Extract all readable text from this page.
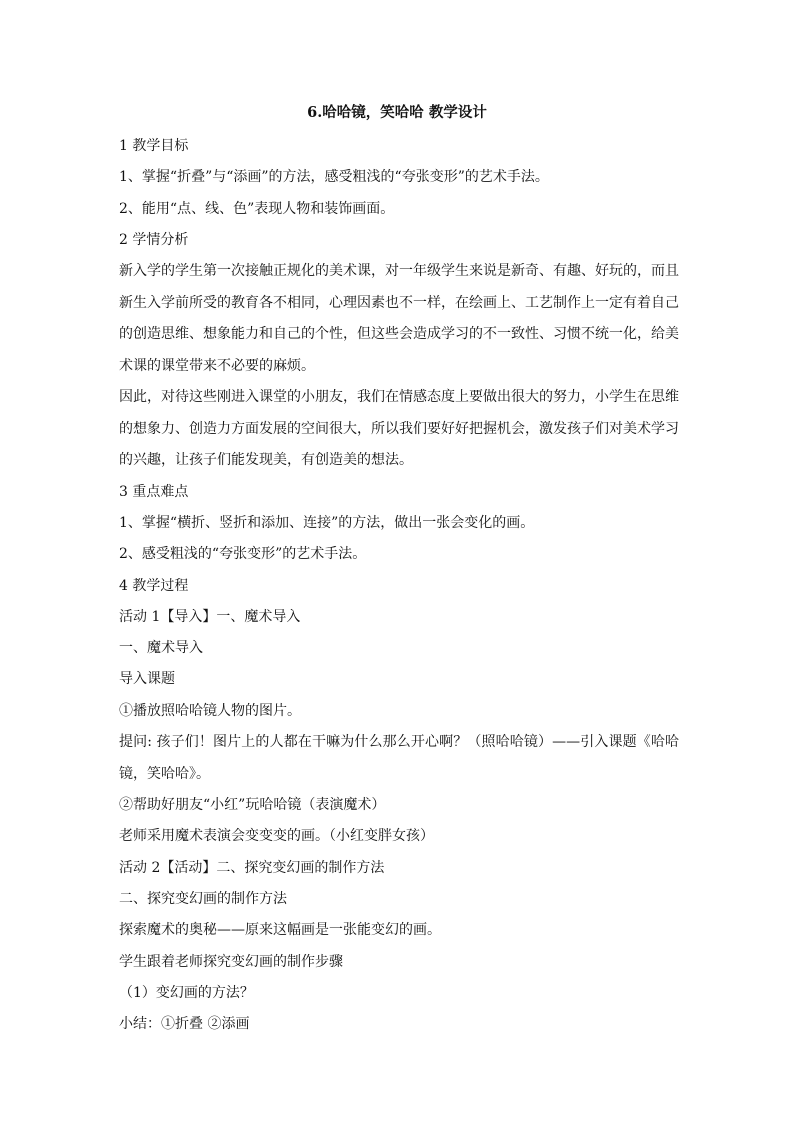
6.哈哈镜，笑哈哈 教学设计

1 教学目标

1、掌握“折叠”与“添画”的方法，感受粗浅的“夸张变形”的艺术手法。

2、能用“点、线、色”表现人物和装饰画面。

2 学情分析

新入学的学生第一次接触正规化的美术课，对一年级学生来说是新奇、有趣、好玩的，而且新生入学前所受的教育各不相同，心理因素也不一样，在绘画上、工艺制作上一定有着自己的创造思维、想象能力和自己的个性，但这些会造成学习的不一致性、习惯不统一化，给美术课的课堂带来不必要的麻烦。

因此，对待这些刚进入课堂的小朋友，我们在情感态度上要做出很大的努力，小学生在思维的想象力、创造力方面发展的空间很大，所以我们要好好把握机会，激发孩子们对美术学习的兴趣，让孩子们能发现美，有创造美的想法。

3 重点难点

1、掌握“横折、竖折和添加、连接”的方法，做出一张会变化的画。

2、感受粗浅的“夸张变形”的艺术手法。

4 教学过程

活动 1【导入】一、魔术导入

一、魔术导入

导入课题

①播放照哈哈镜人物的图片。

提问: 孩子们！图片上的人都在干嘛为什么那么开心啊？（照哈哈镜）——引入课题《哈哈镜，笑哈哈》。

②帮助好朋友“小红”玩哈哈镜（表演魔术）

老师采用魔术表演会变变变的画。（小红变胖女孩）

活动 2【活动】二、探究变幻画的制作方法

二、探究变幻画的制作方法

探索魔术的奥秘——原来这幅画是一张能变幻的画。

学生跟着老师探究变幻画的制作步骤

（1）变幻画的方法？

小结：①折叠 ②添画
